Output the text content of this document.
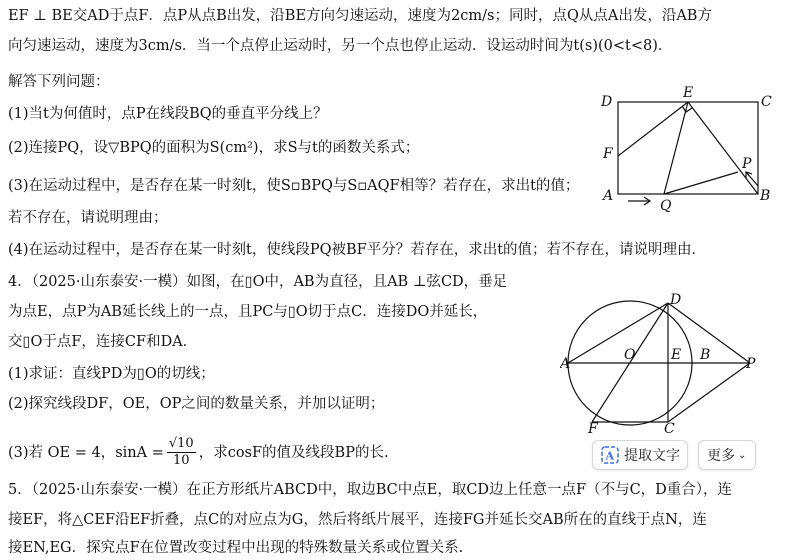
EF ⊥ BE交AD于点F．点P从点B出发，沿BE方向匀速运动，速度为2cm/s；同时，点Q从点A出发，沿AB方
向匀速运动，速度为3cm/s．当一个点停止运动时，另一个点也停止运动．设运动时间为t(s)(0<t<8)．
解答下列问题：
(1)当t为何值时，点P在线段BQ的垂直平分线上？
(2)连接PQ，设▽BPQ的面积为S(cm²)，求S与t的函数关系式；
(3)在运动过程中，是否存在某一时刻t，使S▫BPQ与S▫AQF相等？若存在，求出t的值；
若不存在，请说明理由；
(4)在运动过程中，是否存在某一时刻t，使线段PQ被BF平分？若存在，求出t的值；若不存在，请说明理由．
4．（2025·山东泰安·一模）如图，在▯O中，AB为直径，且AB ⊥弦CD，垂足
为点E，点P为AB延长线上的一点，且PC与▯O切于点C．连接DO并延长，
交▯O于点F，连接CF和DA．
(1)求证：直线PD为▯O的切线；
(2)探究线段DF，OE，OP之间的数量关系，并加以证明；
(3)若 OE = 4，$\sin A = \frac{√10}{10}$ ，求cosF的值及线段BP的长.
5．（2025·山东泰安·一模）在正方形纸片ABCD中，取边BC中点E，取CD边上任意一点F（不与C，D重合），连
接EF，将△CEF沿EF折叠，点C的对应点为G，然后将纸片展平，连接FG并延长交AB所在的直线于点N，连
接EN,EG．探究点F在位置改变过程中出现的特殊数量关系或位置关系.
D
E
C
F
P
A
Q
B
D
A
O	E B
P
F	C
A 提取文字 更多 ⌄
